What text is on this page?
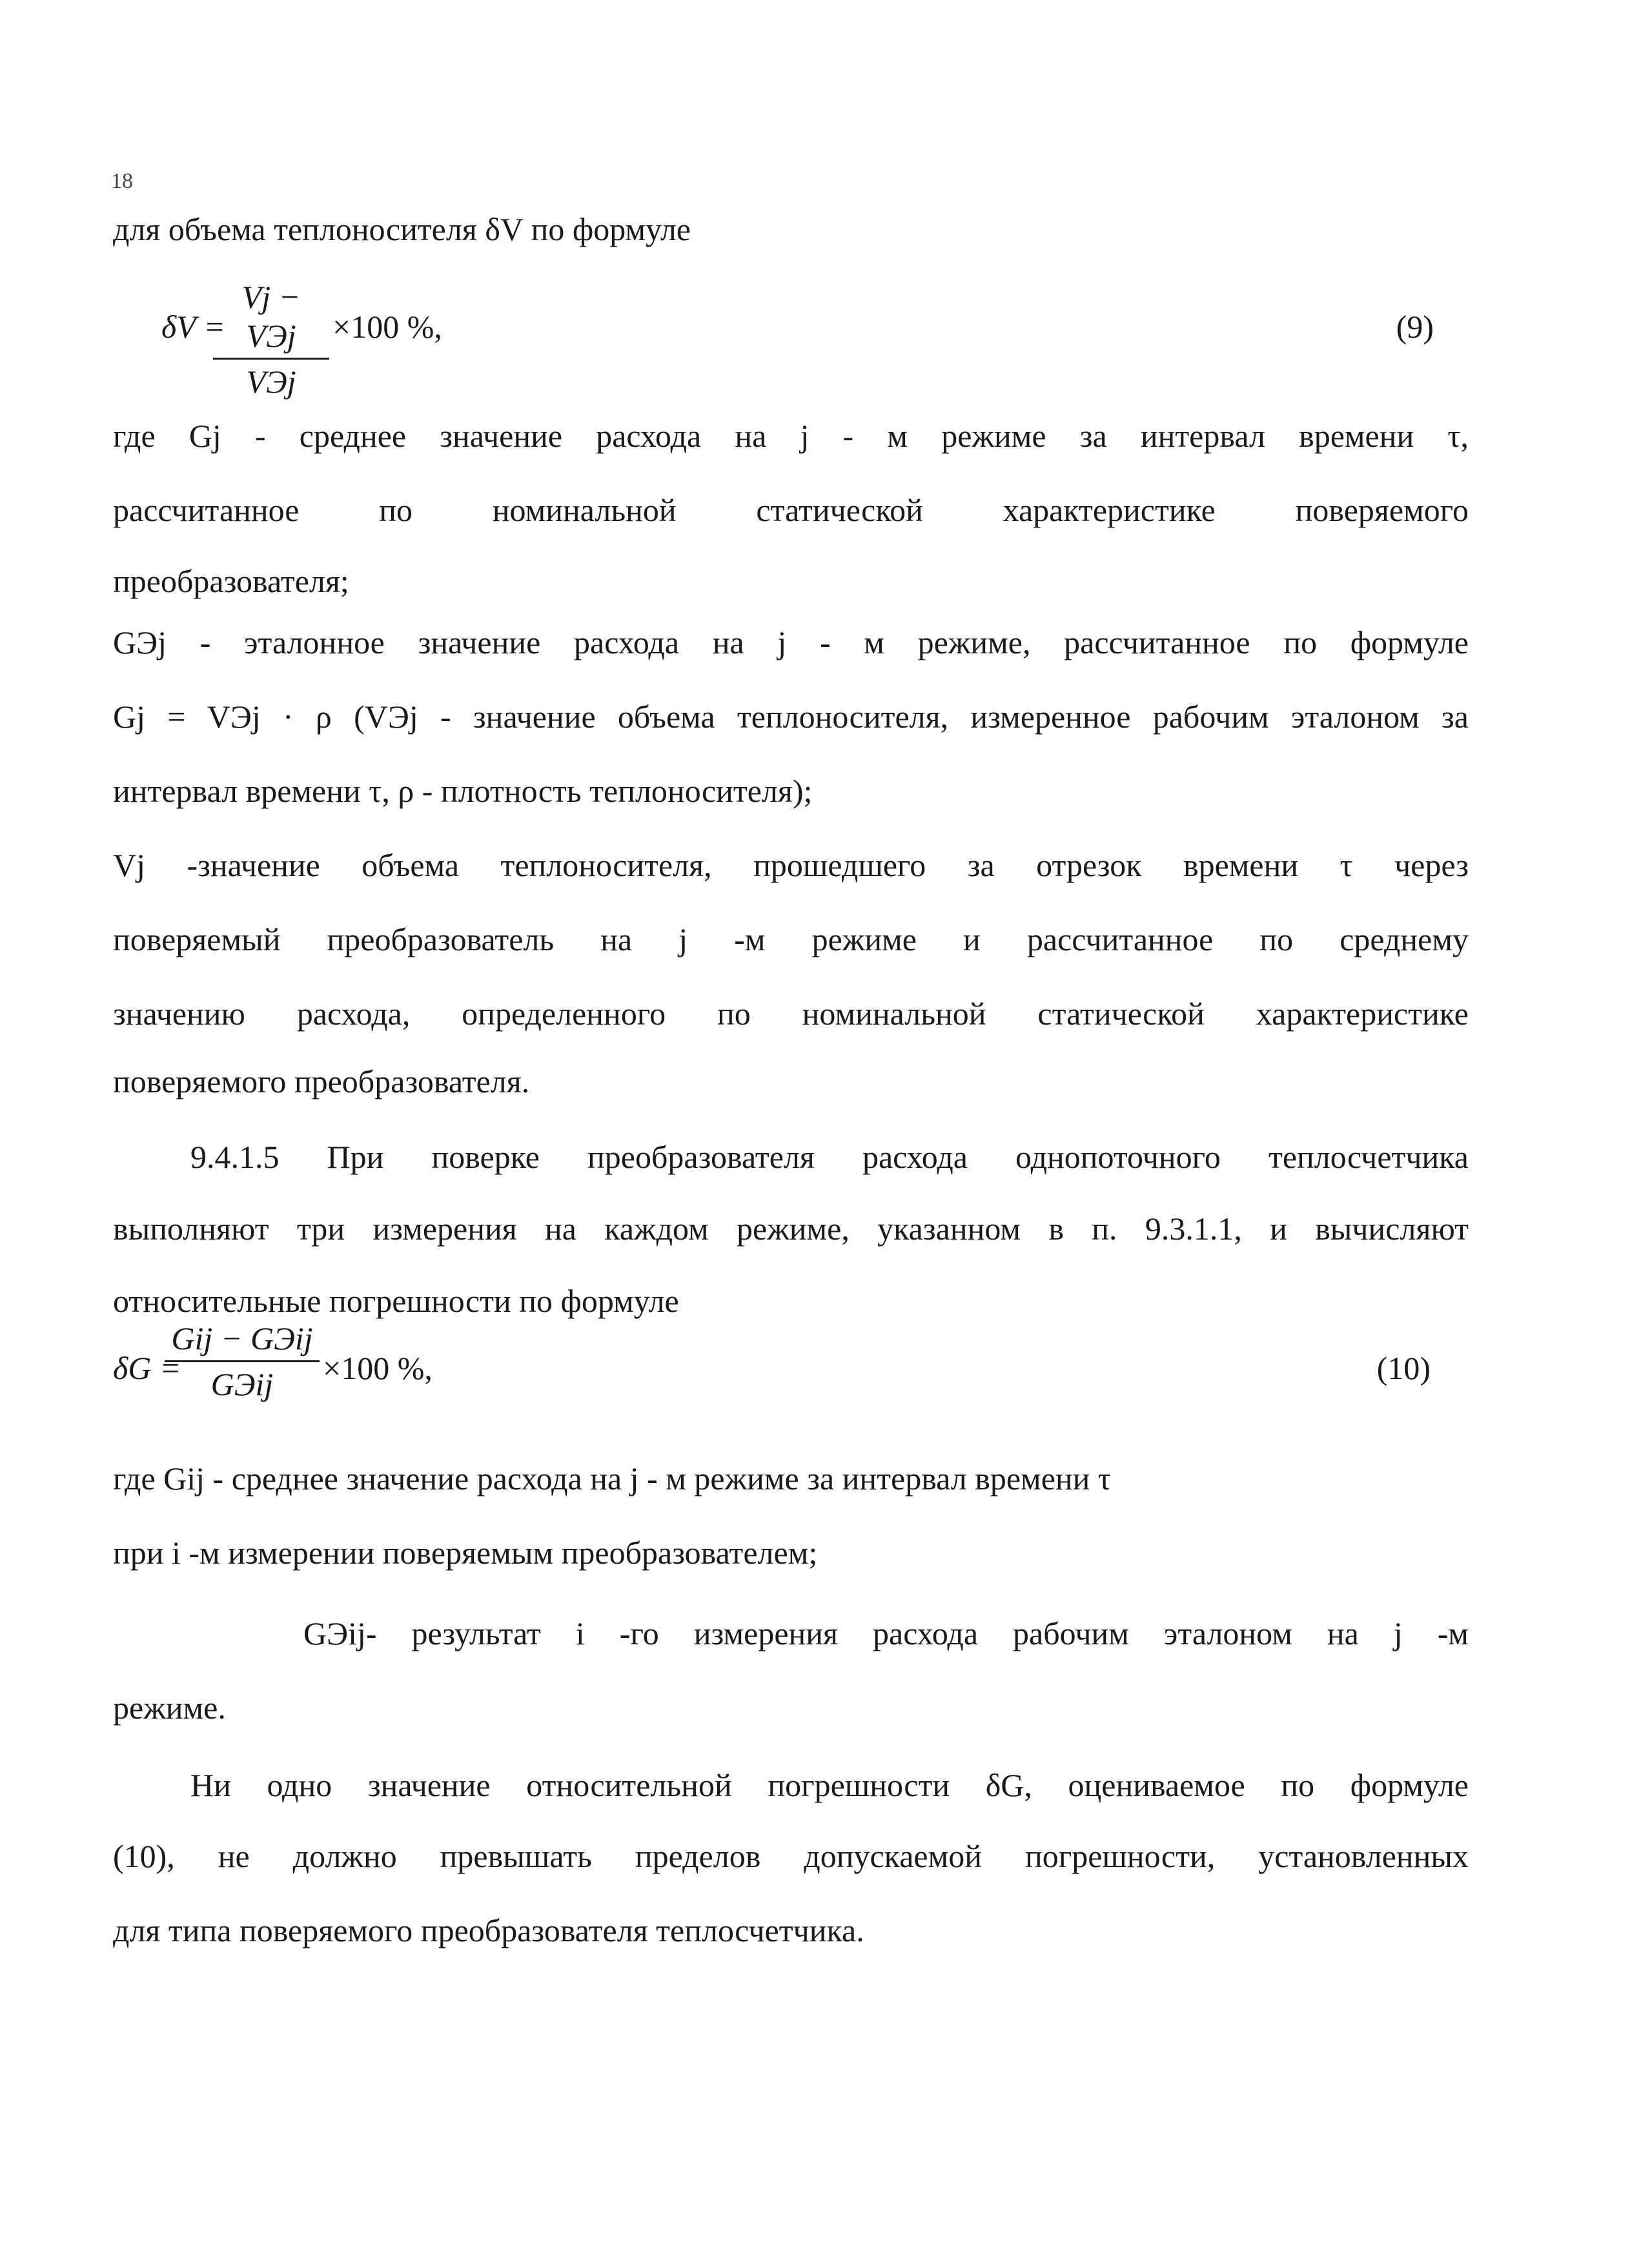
18
для объема теплоносителя δV по формуле
δV =
Vj − VЭj
VЭj
×100 %,	(9)
где Gj - среднее значение расхода на j - м режиме за интервал времени τ,
рассчитанное по номинальной статической характеристике поверяемого
преобразователя;
GЭj - эталонное значение расхода на j - м режиме, рассчитанное по формуле
Gj = VЭj · ρ (VЭj - значение объема теплоносителя, измеренное рабочим эталоном за
интервал времени τ, ρ - плотность теплоносителя);
Vj -значение объема теплоносителя, прошедшего за отрезок времени τ через
поверяемый преобразователь на j -м режиме и рассчитанное по среднему
значению расхода, определенного по номинальной статической характеристике
поверяемого преобразователя.
9.4.1.5 При поверке преобразователя расхода однопоточного теплосчетчика
выполняют три измерения на каждом режиме, указанном в п. 9.3.1.1, и вычисляют
относительные погрешности по формуле
δG =
Gij − GЭij
GЭij	×100 %,	(10)
где Gij - среднее значение расхода на j - м режиме за интервал времени τ
при i -м измерении поверяемым преобразователем;
GЭij- результат i -го измерения расхода рабочим эталоном на j -м
режиме.
Ни одно значение относительной погрешности δG, оцениваемое по формуле
(10), не должно превышать пределов допускаемой погрешности, установленных
для типа поверяемого преобразователя теплосчетчика.
